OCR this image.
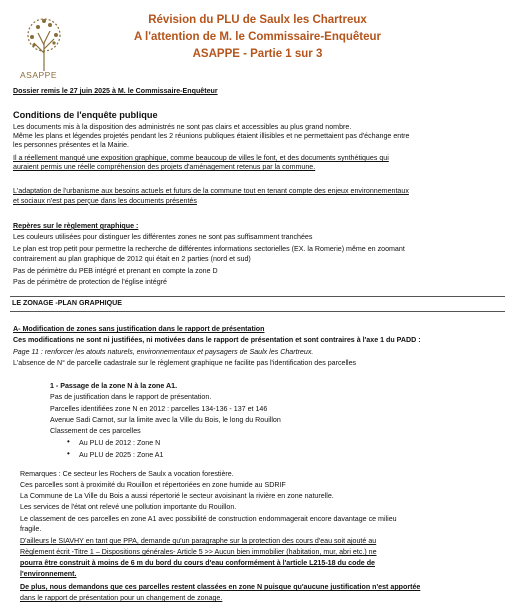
ASAPPE
Révision du PLU de Saulx les Chartreux
A l'attention de M. le Commissaire-Enquêteur
ASAPPE - Partie 1 sur 3
Dossier remis le 27 juin 2025 à M. le Commissaire-Enquêteur
Conditions de l'enquête publique
Les documents mis à la disposition des administrés ne sont pas clairs et accessibles au plus grand nombre.
Même les plans et légendes projetés pendant les 2 réunions publiques étaient illisibles et ne permettaient pas d'échange entre
les personnes présentes et la Mairie.
Il a réellement manqué une exposition graphique, comme beaucoup de villes le font, et des documents synthétiques qui
auraient permis une réelle compréhension des projets d'aménagement retenus par la commune.
L'adaptation de l'urbanisme aux besoins actuels et futurs de la commune tout en tenant compte des enjeux environnementaux
et sociaux n'est pas perçue dans les documents présentés
Repères sur le règlement graphique :
Les couleurs utilisées pour distinguer les différentes zones ne sont pas suffisamment tranchées
Le plan est trop petit pour permettre la recherche de différentes informations sectorielles (EX. la Romerie) même en zoomant
contrairement au plan graphique de 2012 qui était en 2 parties (nord et sud)
Pas de périmètre du PEB intégré et prenant en compte la zone D
Pas de périmètre de protection de l'église intégré
LE ZONAGE -PLAN GRAPHIQUE
A- Modification de zones sans justification dans le rapport de présentation
Ces modifications ne sont ni justifiées, ni motivées dans le rapport de présentation et sont contraires à l'axe 1 du PADD :
Page 11 : renforcer les atouts naturels, environnementaux et paysagers de Saulx les Chartreux.
L'absence de N° de parcelle cadastrale sur le règlement graphique ne facilite pas l'identification des parcelles
1 - Passage de la zone N à la zone A1.
Pas de justification dans le rapport de présentation.
Parcelles identifiées zone N en 2012 : parcelles 134-136 - 137 et 146
Avenue Sadi Carnot, sur la limite avec la Ville du Bois, le long du Rouillon
Classement de ces parcelles
• Au PLU de 2012 : Zone N
• Au PLU de 2025 : Zone A1
Remarques : Ce secteur les Rochers de Saulx a vocation forestière.
Ces parcelles sont à proximité du Rouillon et répertoriées en zone humide au SDRIF
La Commune de La Ville du Bois a aussi répertorié le secteur avoisinant la rivière en zone naturelle.
Les services de l'état ont relevé une pollution importante du Rouillon.
Le classement de ces parcelles en zone A1 avec possibilité de construction endommagerait encore davantage ce milieu
fragile.
D'ailleurs le SIAVHY en tant que PPA, demande qu'un paragraphe sur la protection des cours d'eau soit ajouté au
Règlement écrit -Titre 1 – Dispositions générales- Article 5 >> Aucun bien immobilier (habitation, mur, abri etc.) ne
pourra être construit à moins de 6 m du bord du cours d'eau conformément à l'article L215-18 du code de
l'environnement.
De plus, nous demandons que ces parcelles restent classées en zone N puisque qu'aucune justification n'est apportée
dans le rapport de présentation pour un changement de zonage.
